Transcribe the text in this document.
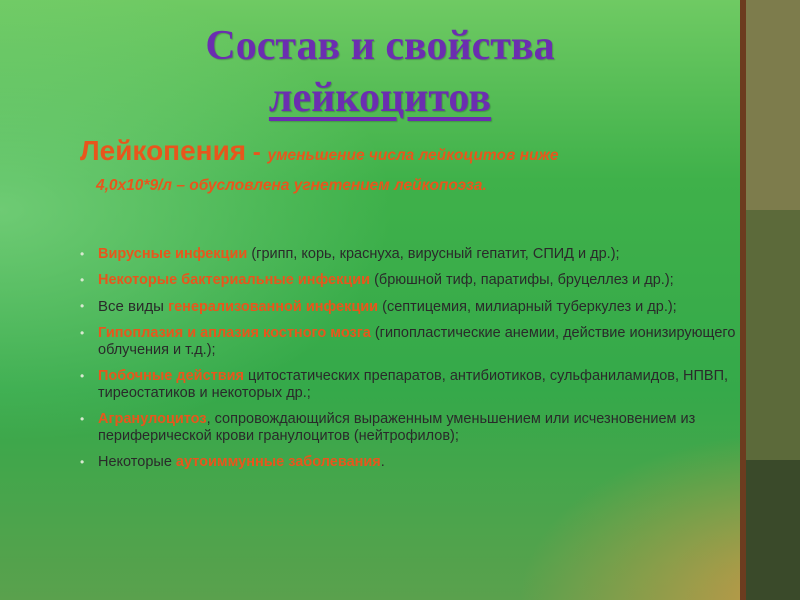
Состав и свойства
лейкоцитов
Лейкопения - уменьшение числа лейкоцитов ниже
4,0х10*9/л – обусловлена угнетением лейкопоэза.
• Вирусные инфекции (грипп, корь, краснуха, вирусный гепатит, СПИД и др.);
• Некоторые бактериальные инфекции (брюшной тиф, паратифы, бруцеллез и др.);
• Все виды генерализованной инфекции (септицемия, милиарный туберкулез и др.);
• Гипоплазия и аплазия костного мозга (гипопластические анемии, действие ионизирующего облучения и т.д.);
• Побочные действия цитостатических препаратов, антибиотиков, сульфаниламидов, НПВП, тиреостатиков и некоторых др.;
• Агранулоцитоз, сопровождающийся выраженным уменьшением или исчезновением из периферической крови гранулоцитов (нейтрофилов);
• Некоторые аутоиммунные заболевания.
